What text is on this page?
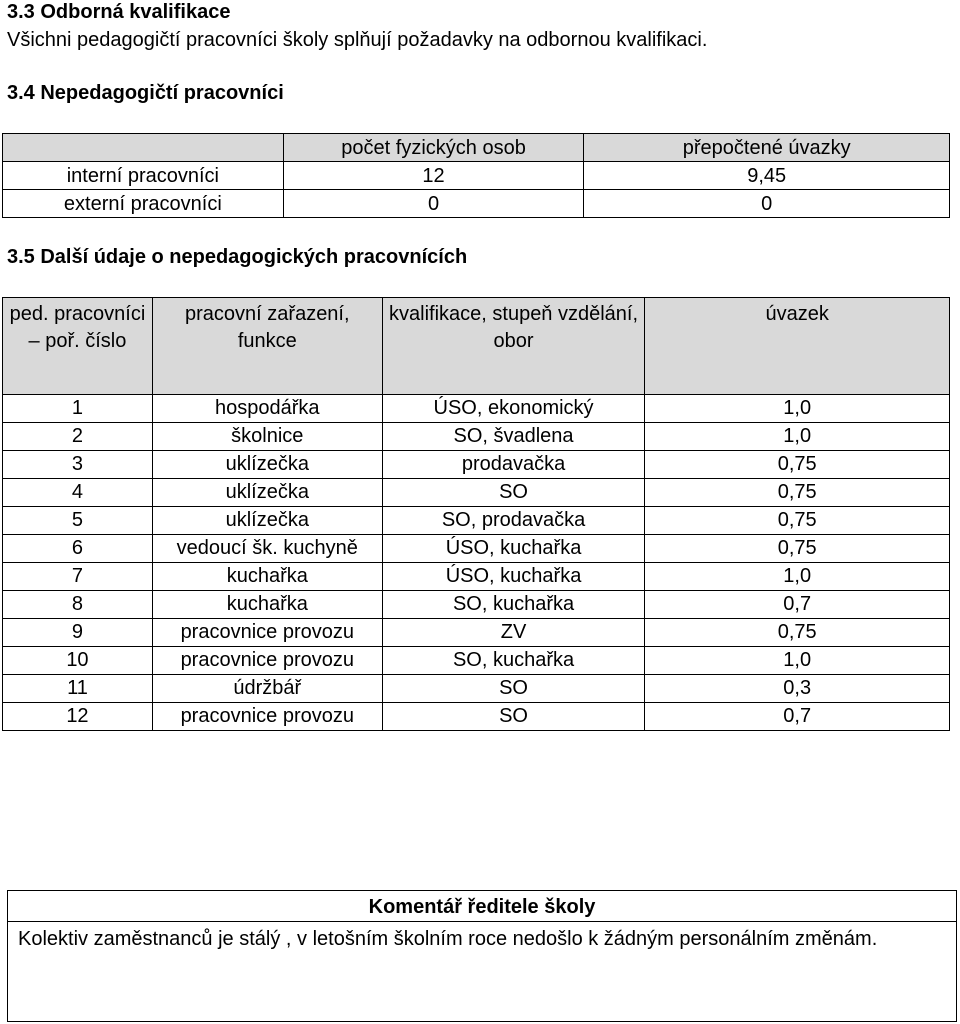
3.3 Odborná kvalifikace
Všichni pedagogičtí pracovníci školy splňují požadavky na odbornou kvalifikaci.
3.4 Nepedagogičtí pracovníci
	počet fyzických osob	přepočtené úvazky
interní pracovníci	12	9,45
externí pracovníci	0	0
3.5 Další údaje o nepedagogických pracovnících
ped. pracovníci – poř. číslo	pracovní zařazení, funkce	kvalifikace, stupeň vzdělání, obor	úvazek
1	hospodářka	ÚSO, ekonomický	1,0
2	školnice	SO, švadlena	1,0
3	uklízečka	prodavačka	0,75
4	uklízečka	SO	0,75
5	uklízečka	SO, prodavačka	0,75
6	vedoucí šk. kuchyně	ÚSO, kuchařka	0,75
7	kuchařka	ÚSO, kuchařka	1,0
8	kuchařka	SO, kuchařka	0,7
9	pracovnice provozu	ZV	0,75
10	pracovnice provozu	SO, kuchařka	1,0
11	údržbář	SO	0,3
12	pracovnice provozu	SO	0,7
Komentář ředitele školy
Kolektiv zaměstnanců je stálý , v letošním školním roce nedošlo k žádným personálním změnám.
